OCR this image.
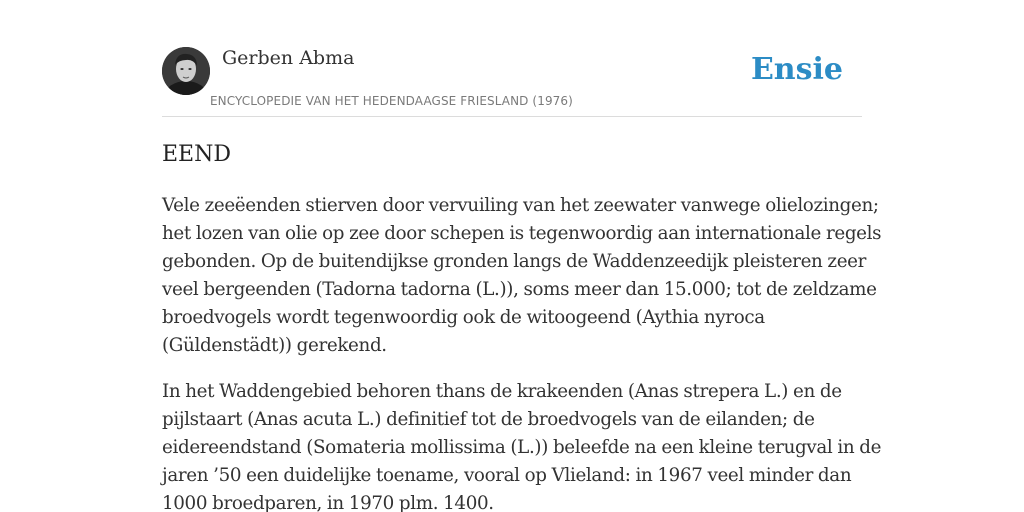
Gerben Abma
ENCYCLOPEDIE VAN HET HEDENDAAGSE FRIESLAND (1976)
Ensie
EEND

Vele zeeëenden stierven door vervuiling van het zeewater vanwege olielozingen;
het lozen van olie op zee door schepen is tegenwoordig aan internationale regels
gebonden. Op de buitendijkse gronden langs de Waddenzeedijk pleisteren zeer
veel bergeenden (Tadorna tadorna (L.)), soms meer dan 15.000; tot de zeldzame
broedvogels wordt tegenwoordig ook de witoogeend (Aythia nyroca
(Güldenstädt)) gerekend.

In het Waddengebied behoren thans de krakeenden (Anas strepera L.) en de
pijlstaart (Anas acuta L.) definitief tot de broedvogels van de eilanden; de
eidereendstand (Somateria mollissima (L.)) beleefde na een kleine terugval in de
jaren ’50 een duidelijke toename, vooral op Vlieland: in 1967 veel minder dan
1000 broedparen, in 1970 plm. 1400.
